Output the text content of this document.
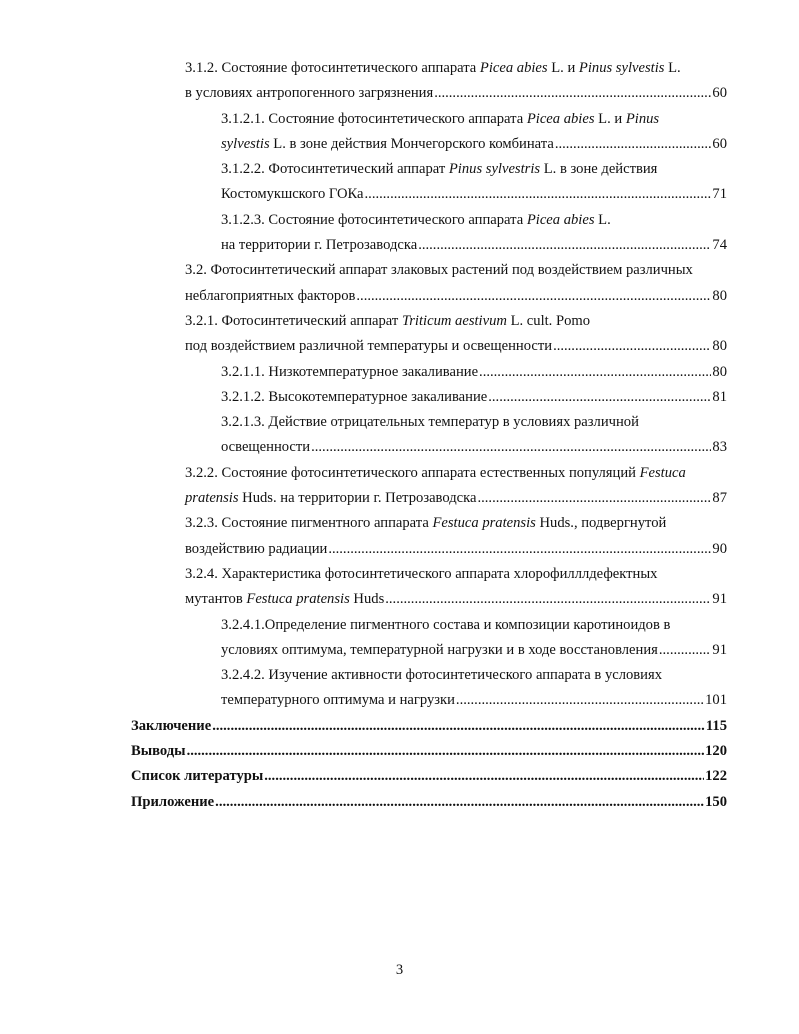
3.1.2. Состояние фотосинтетического аппарата Picea abies L. и Pinus sylvestis L.
в условиях антропогенного загрязнения .....	60
3.1.2.1. Состояние фотосинтетического аппарата Picea abies L. и Pinus
sylvestis L. в зоне действия Мончегорского комбината .....	60
3.1.2.2. Фотосинтетический аппарат Pinus sylvestris L. в зоне действия
Костомукшского ГОКа .....	71
3.1.2.3. Состояние фотосинтетического аппарата Picea abies L.
на территории г. Петрозаводска .....	74
3.2. Фотосинтетический аппарат злаковых растений под воздействием различных
неблагоприятных факторов .....	80
3.2.1. Фотосинтетический аппарат Triticum aestivum L. cult. Pomo
под воздействием различной температуры и освещенности .....	80
3.2.1.1. Низкотемпературное закаливание .....	80
3.2.1.2. Высокотемпературное закаливание .....	81
3.2.1.3. Действие отрицательных температур в условиях различной
освещенности .....	83
3.2.2. Состояние фотосинтетического аппарата естественных популяций Festuca
pratensis Huds. на территории г. Петрозаводска .....	87
3.2.3. Состояние пигментного аппарата Festuca pratensis Huds., подвергнутой
воздействию радиации .....	90
3.2.4. Характеристика фотосинтетического аппарата хлорофилллдефектных
мутантов Festuca pratensis Huds .....	91
3.2.4.1.Определение пигментного состава и композиции каротиноидов в
условиях оптимума, температурной нагрузки и в ходе восстановления .....	91
3.2.4.2. Изучение активности фотосинтетического аппарата в условиях
температурного оптимума и нагрузки .....	101
Заключение .....	115
Выводы .....	120
Список литературы .....	122
Приложение .....	150
3
